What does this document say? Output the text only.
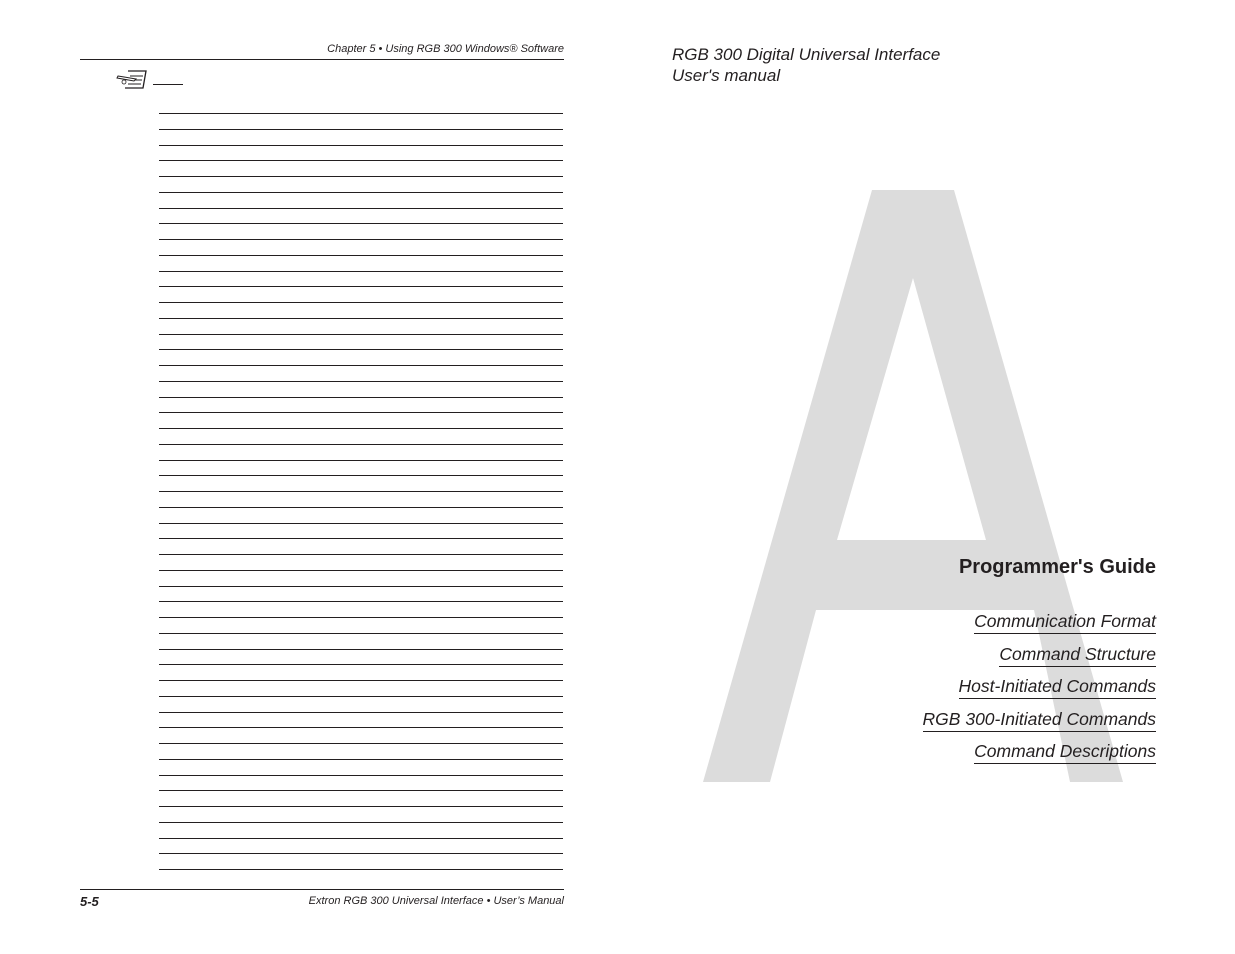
Chapter 5 • Using RGB 300 Windows® Software
5-5	Extron RGB 300 Universal Interface • User’s Manual
RGB 300 Digital Universal Interface
User's manual
Programmer's Guide
Communication Format
Command Structure
Host-Initiated Commands
RGB 300-Initiated Commands
Command Descriptions
